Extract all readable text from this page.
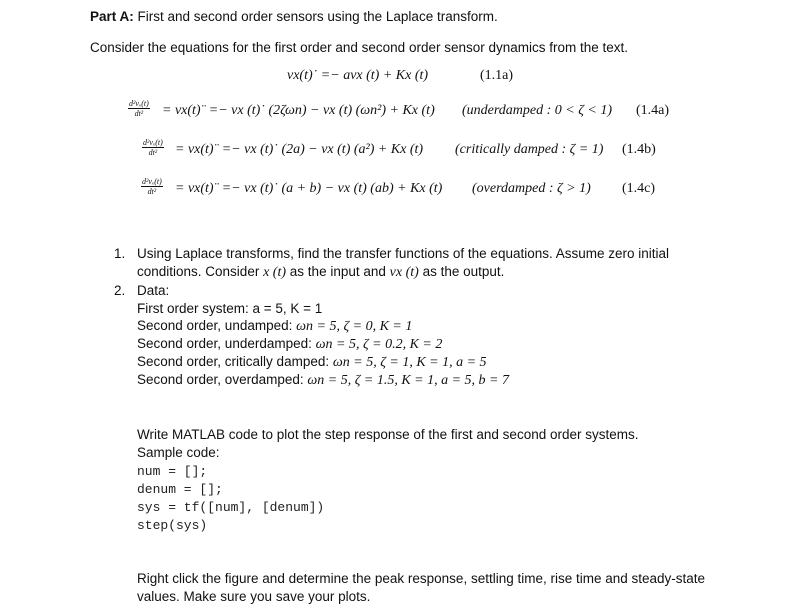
Part A: First and second order sensors using the Laplace transform.
Consider the equations for the first order and second order sensor dynamics from the text.
vx(t)˙ =− avx (t) + Kx (t)	(1.1a)
$\frac{\text{d²vₓ(t)}}{\text{dt²}}$ = vx(t)¨ =− vx (t)˙ (2ζωn) − vx (t) (ωn²) + Kx (t) (underdamped : 0 < ζ < 1) (1.4a)
$\frac{\text{d²vₓ(t)}}{\text{dt²}}$ = vx(t)¨ =− vx (t)˙ (2a) − vx (t) (a²) + Kx (t) (critically damped : ζ = 1) (1.4b)
$\frac{\text{d²vₓ(t)}}{\text{dt²}}$ = vx(t)¨ =− vx (t)˙ (a + b) − vx (t) (ab) + Kx (t) (overdamped : ζ > 1) (1.4c)
1. Using Laplace transforms, find the transfer functions of the equations. Assume zero initial
conditions. Consider x (t) as the input and vx (t) as the output.
2. Data:
First order system: a = 5, K = 1
Second order, undamped: ωn = 5, ζ = 0, K = 1
Second order, underdamped: ωn = 5, ζ = 0.2, K = 2
Second order, critically damped: ωn = 5, ζ = 1, K = 1, a = 5
Second order, overdamped: ωn = 5, ζ = 1.5, K = 1, a = 5, b = 7
Write MATLAB code to plot the step response of the first and second order systems.
Sample code:
num = [];
denum = [];
sys = tf([num], [denum])
step(sys)
Right click the figure and determine the peak response, settling time, rise time and steady-state
values. Make sure you save your plots.
